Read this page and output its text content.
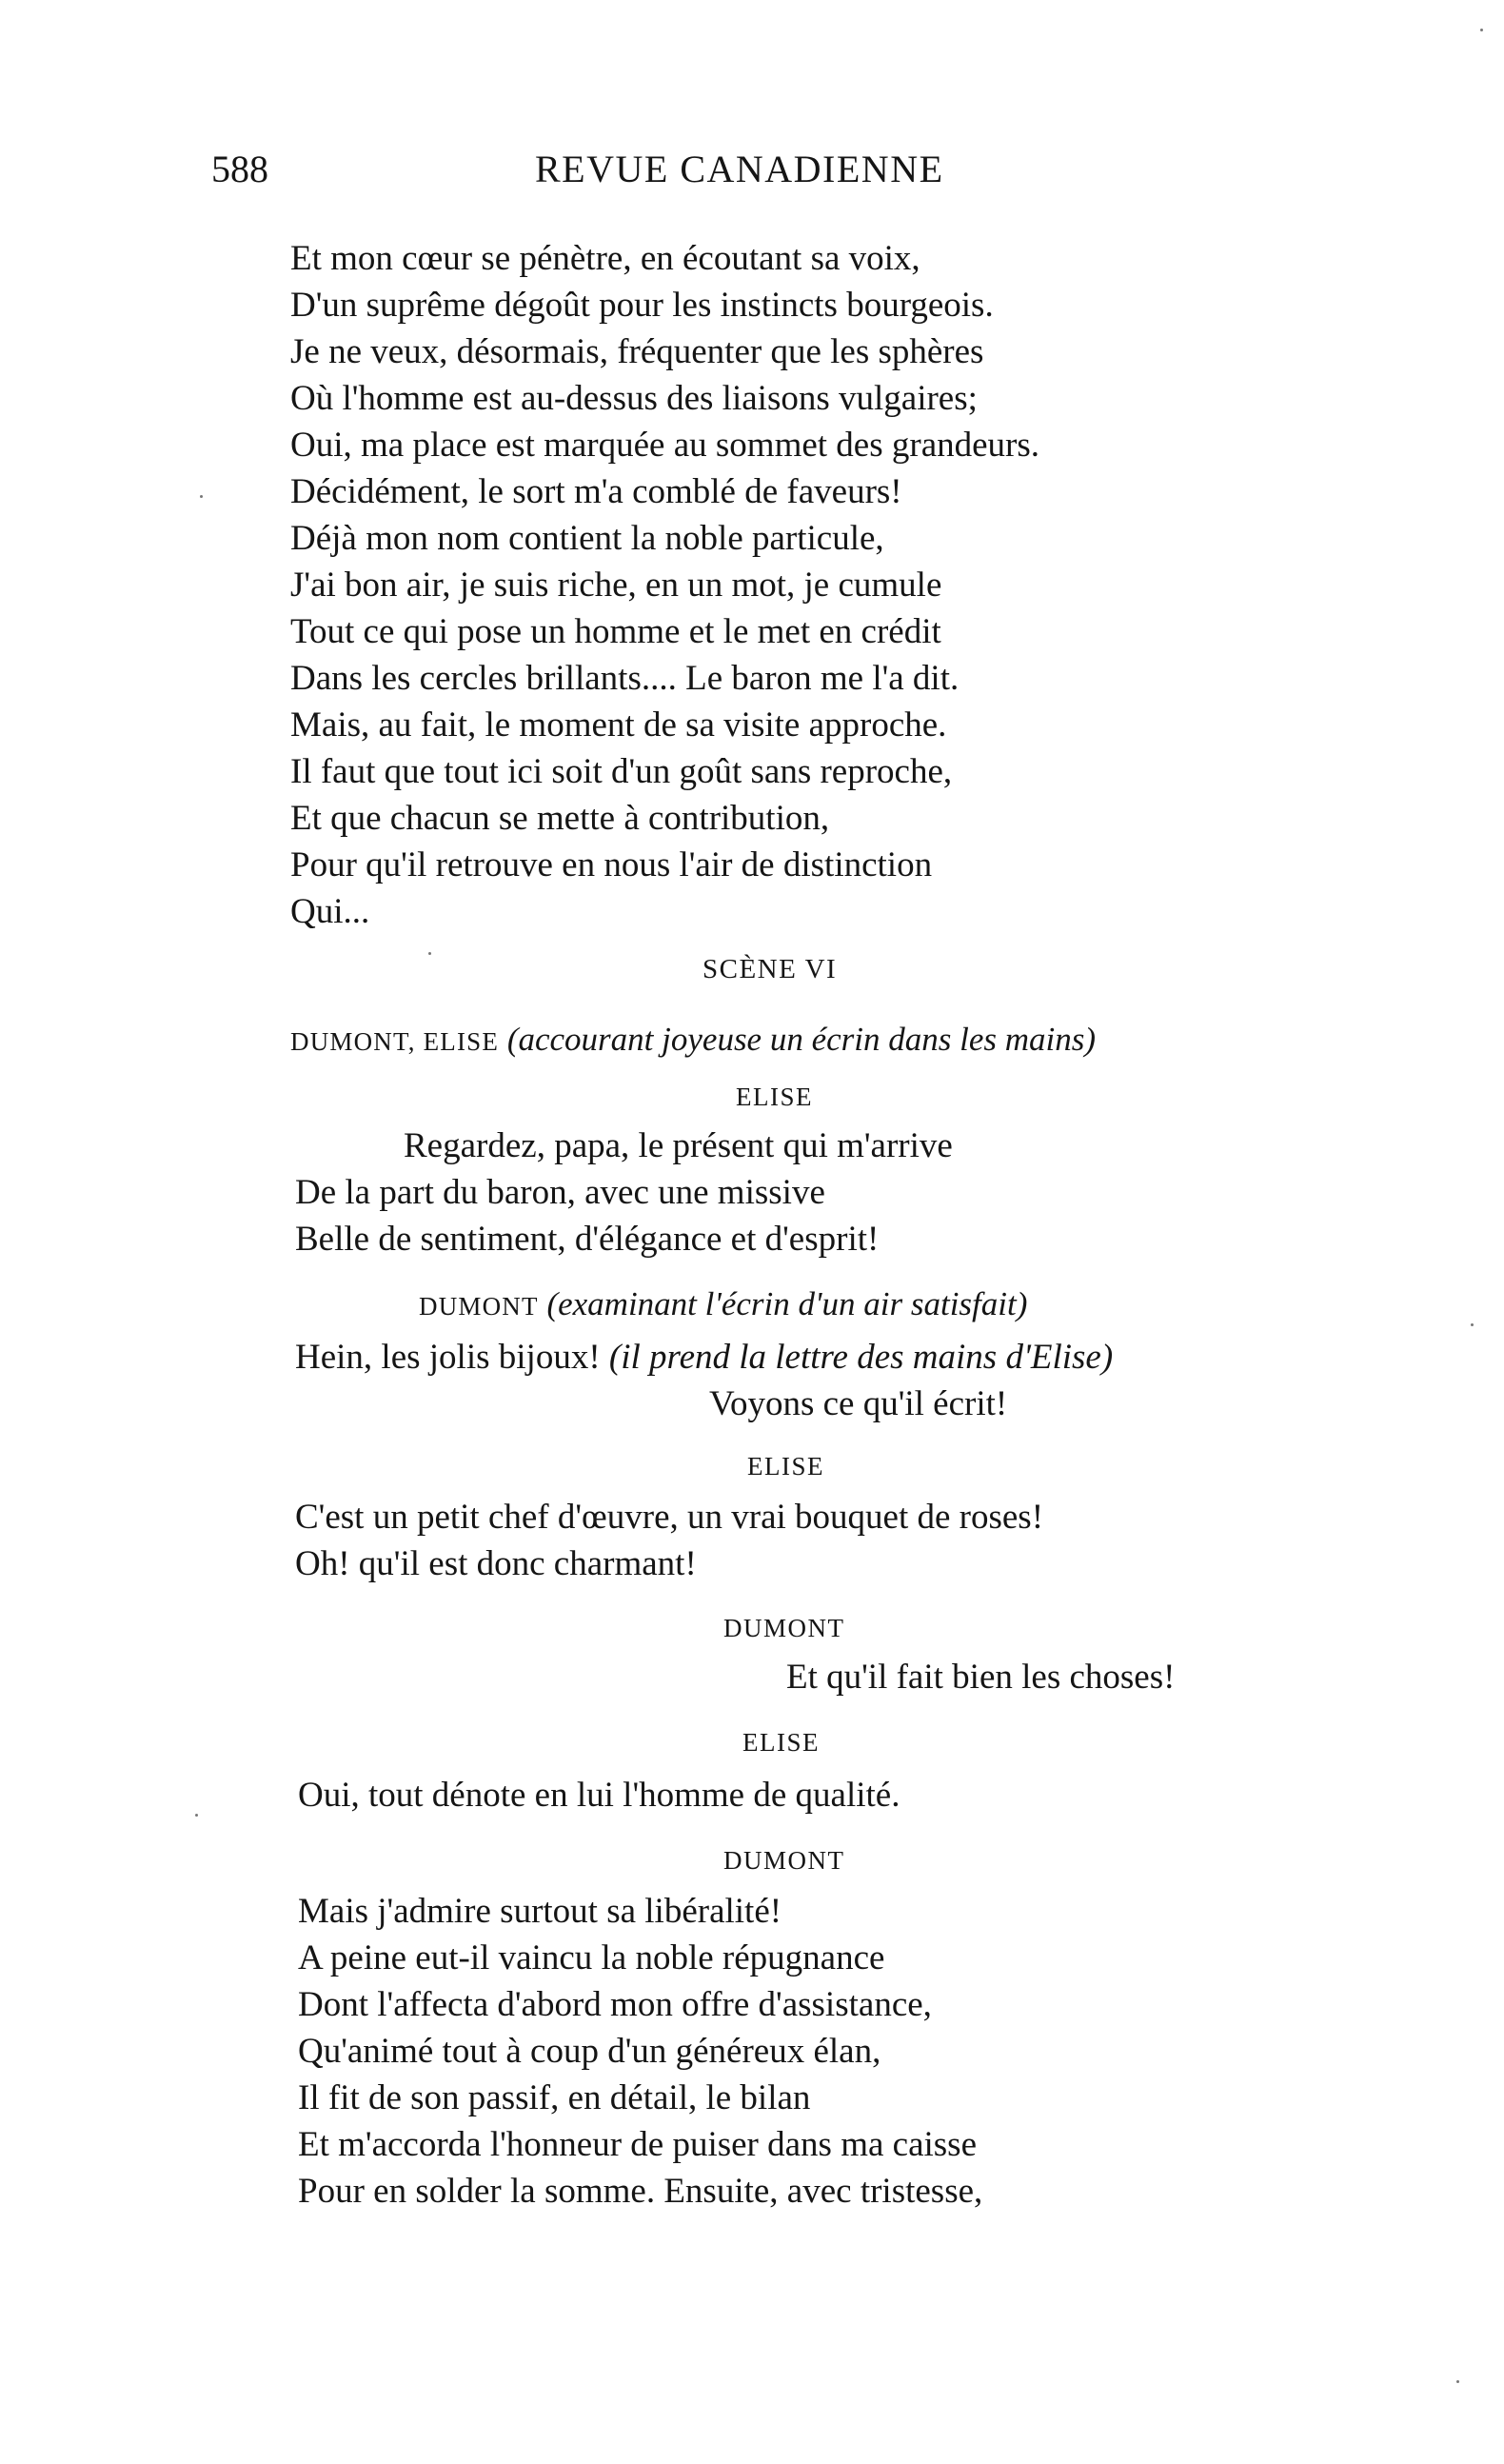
588	REVUE CANADIENNE
Et mon cœur se pénètre, en écoutant sa voix,
D'un suprême dégoût pour les instincts bourgeois.
Je ne veux, désormais, fréquenter que les sphères
Où l'homme est au-dessus des liaisons vulgaires;
Oui, ma place est marquée au sommet des grandeurs.
Décidément, le sort m'a comblé de faveurs!
Déjà mon nom contient la noble particule,
J'ai bon air, je suis riche, en un mot, je cumule
Tout ce qui pose un homme et le met en crédit
Dans les cercles brillants.... Le baron me l'a dit.
Mais, au fait, le moment de sa visite approche.
Il faut que tout ici soit d'un goût sans reproche,
Et que chacun se mette à contribution,
Pour qu'il retrouve en nous l'air de distinction
Qui...
SCÈNE VI
DUMONT, ELISE (accourant joyeuse un écrin dans les mains)
ELISE
Regardez, papa, le présent qui m'arrive
De la part du baron, avec une missive
Belle de sentiment, d'élégance et d'esprit!
DUMONT (examinant l'écrin d'un air satisfait)
Hein, les jolis bijoux! (il prend la lettre des mains d'Elise)
Voyons ce qu'il écrit!
ELISE
C'est un petit chef d'œuvre, un vrai bouquet de roses!
Oh! qu'il est donc charmant!
DUMONT
Et qu'il fait bien les choses!
ELISE
Oui, tout dénote en lui l'homme de qualité.
DUMONT
Mais j'admire surtout sa libéralité!
A peine eut-il vaincu la noble répugnance
Dont l'affecta d'abord mon offre d'assistance,
Qu'animé tout à coup d'un généreux élan,
Il fit de son passif, en détail, le bilan
Et m'accorda l'honneur de puiser dans ma caisse
Pour en solder la somme. Ensuite, avec tristesse,
